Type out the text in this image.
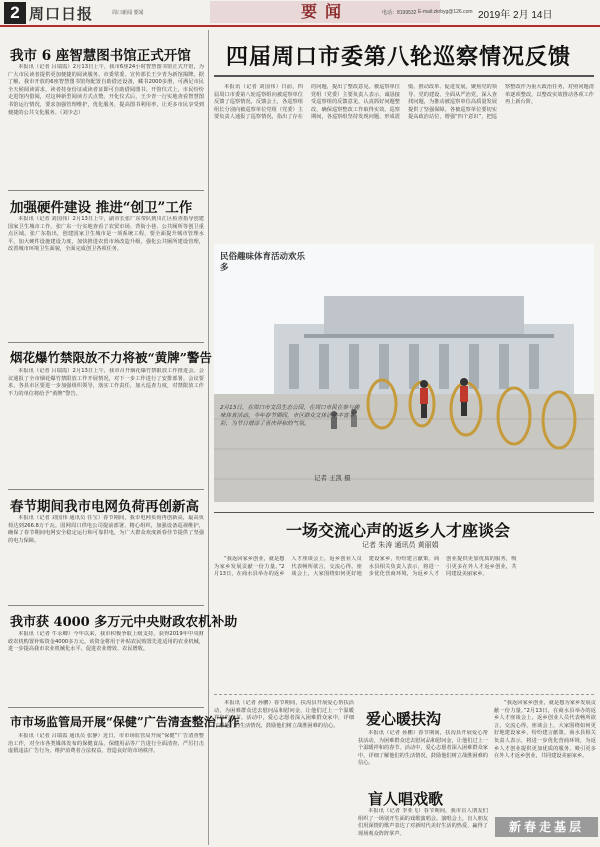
2 周口日报	周口新闻 要闻	要闻	电话：8199532 E-mail:zkrbyg@126.com 2019年 2月 14日
我市 6 座智慧图书馆正式开馆
本报讯（记者 吕瑞霞）2月13日上午，我市6座24小时智慧图书馆正式开馆，为广大市民读者提供更加便捷的阅读服务。市委常委、宣传部长王少青为新馆揭牌。据了解，我市开放的6座智慧图书馆均配置自助借还设备，藏书2000多册，可满足市民全天候阅读需求，读者持身份证或读者证即可自助借阅图书。开馆仪式上，市民纷纷走进馆内借阅，对这种新型阅读方式点赞。开化仪式后，王少青一行实地查看智慧图书馆运行情况，要求加强管理维护，优化服务，提高图书利用率，让更多市民享受到便捷的公共文化服务。（刘少志）
加强硬件建设 推进“创卫”工作
本报讯（记者 刘国伟）2月13日上午，副市长张广东带队到川汇区检查指导创建国家卫生城市工作。张广东一行实地查看了农贸市场、背街小巷、公共厕所等创卫重点区域。张广东指出，创建国家卫生城市是一项系统工程，要全面提升城市管理水平，加大硬件设施建设力度，加快推进农贸市场改造升级，强化公共厕所建设管理，改善城市环境卫生面貌，全面完成创卫各项任务。
烟花爆竹禁限放不力将被“黄牌”警告
本报讯（记者 吕瑞霞）2月13日上午，我市召开烟花爆竹禁限放工作推进会。会议通报了全市烟花爆竹禁限放工作开展情况，对下一步工作进行了安排部署。会议要求，各县市区要进一步加强组织领导，落实工作责任，加大巡查力度，对禁限放工作不力的单位将给予“黄牌”警告。
春节期间我市电网负荷再创新高
本报讯（记者 刘国伟 通讯员 任宝）春节期间，我市电网负荷再创新高，最高负荷达到266.8万千瓦。国网周口供电公司提前部署，精心组织，加强设备巡视维护，确保了春节期间电网安全稳定运行和可靠供电，为广大群众欢度新春佳节提供了坚强的电力保障。
我市获 4000 多万元中央财政农机补助
本报讯（记者 牛永卿）今年以来，我市积极争取上级支持，获得2019年中央财政农机购置补贴资金4000多万元。该资金将用于补贴农民购置先进适用的农业机械，进一步提高我市农业机械化水平，促进农业增效、农民增收。
市市场监管局开展“保健”广告清查整治工作
本报讯（记者 吕瑞霞 通讯员 张静）近日，市市场监管局开展“保健”广告清查整治工作，对全市各类媒体发布的保健食品、保健用品等广告进行全面清查，严厉打击虚假违法广告行为，维护消费者合法权益，营造良好的市场秩序。
四届周口市委第八轮巡察情况反馈
本报讯（记者 刘国伟）日前，四届周口市委第八轮巡察组向被巡察单位反馈了巡察情况。反馈会上，各巡察组组长分别向被巡察单位党组（党委）主要负责人通报了巡察情况，指出了存在的问题，提出了整改意见。被巡察单位党组（党委）主要负责人表示，诚恳接受巡察组的反馈意见，认真抓好问题整改，确保巡察整改工作取得实效。巡察期间，各巡察组坚持发现问题、形成震慑、推动改革、促进发展，聚焦党的领导、党的建设、全面从严治党，深入查找问题，为推动被巡察单位高质量发展提供了坚强保障。各被巡察单位要切实提高政治站位，增强“四个意识”，把巡察整改作为重大政治任务，对照问题清单逐项整改，以整改实效推动各项工作再上新台阶。
民俗趣味体育活动欢乐多
2月13日，在周口市文昌生态公园，在周口市民在参与趣味体育活动。今年春节期间，市区群众文体活动丰富多彩，为节日增添了喜庆祥和的气氛。
记者 王凯 摄
一场交流心声的返乡人才座谈会
记者 朱涛 通讯员 黄丽娟
“我返回家乡创业，就是想为家乡发展贡献一份力量。”2月13日，在商水县举办的返乡人才座谈会上，返乡创业人员代表畅所欲言，交流心得。座谈会上，大家围绕如何更好地建设家乡，纷纷建言献策。商水县相关负责人表示，将进一步优化营商环境，为返乡人才创业提供更加优质的服务，吸引更多在外人才返乡创业，共同建设美丽家乡。
爱心暖扶沟
本报讯（记者 孙鹏）春节期间，扶沟县开展爱心帮扶活动，为困难群众送去慰问品和慰问金，让他们过上一个温暖祥和的春节。活动中，爱心志愿者深入困难群众家中，详细了解他们的生活情况，鼓励他们树立战胜困难的信心。
本报讯（记者 孙鹏）春节期间，扶沟县开展爱心帮扶活动，为困难群众送去慰问品和慰问金，让他们过上一个温暖祥和的春节。活动中，爱心志愿者深入困难群众家中，详细了解他们的生活情况，鼓励他们树立战胜困难的信心。
盲人唱戏歌
本报讯（记者 李亚飞）春节期间，我市盲人朋友们组织了一场别开生面的戏歌演唱会。演唱会上，盲人朋友们用深情的歌声表达了对新时代美好生活的热爱，赢得了现场观众阵阵掌声。
“我返回家乡创业，就是想为家乡发展贡献一份力量。”2月13日，在商水县举办的返乡人才座谈会上，返乡创业人员代表畅所欲言，交流心得。座谈会上，大家围绕如何更好地建设家乡，纷纷建言献策。商水县相关负责人表示，将进一步优化营商环境，为返乡人才创业提供更加优质的服务，吸引更多在外人才返乡创业，共同建设美丽家乡。
新春走基层
